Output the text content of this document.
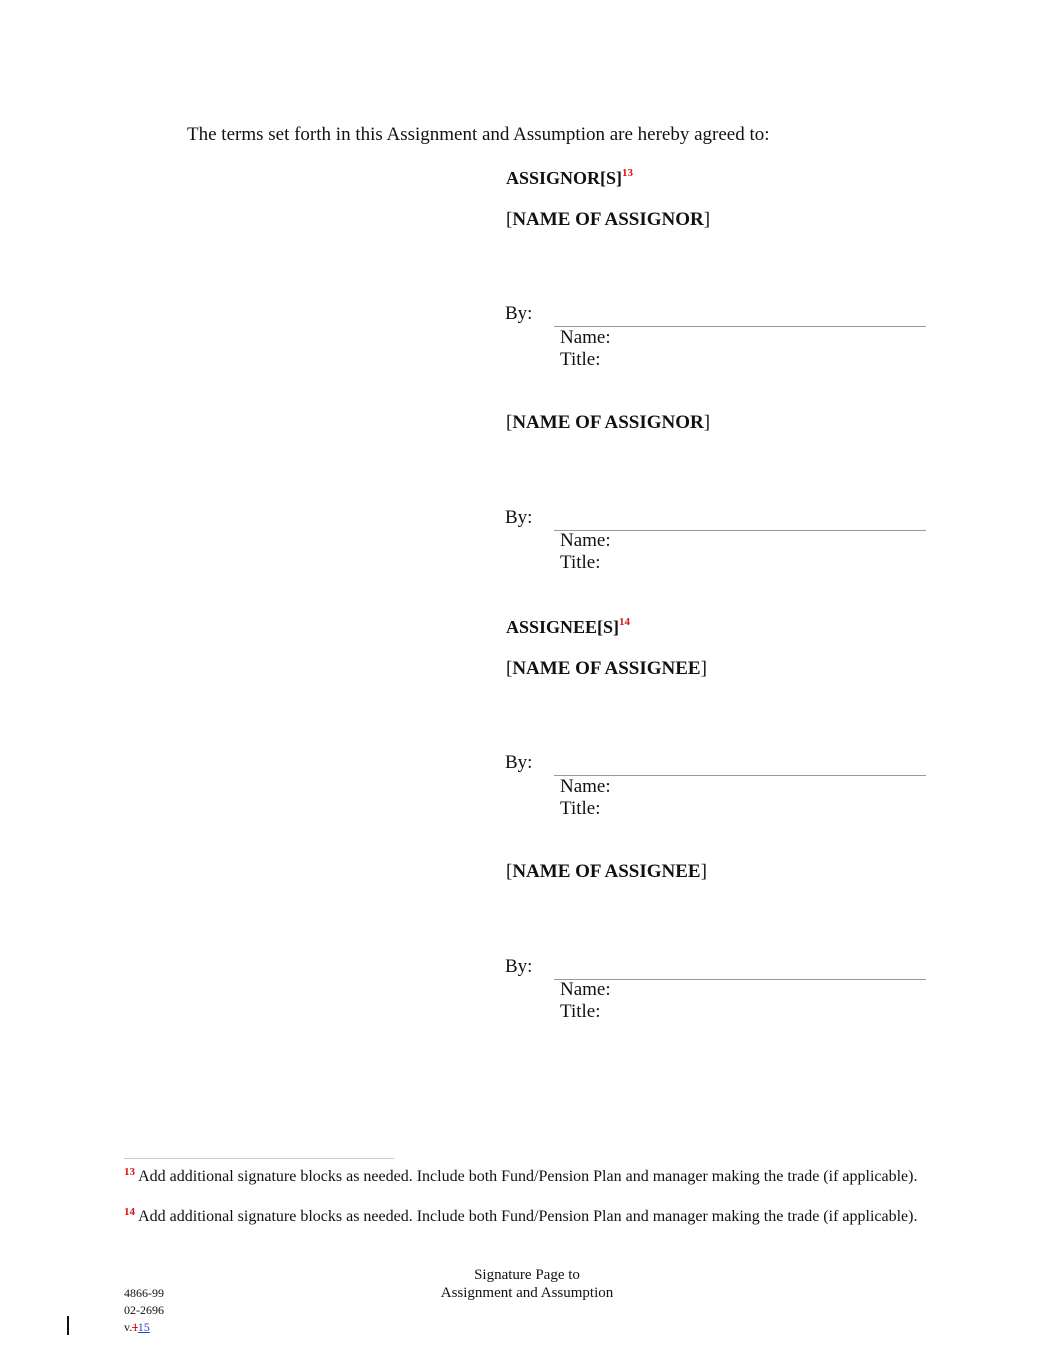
The terms set forth in this Assignment and Assumption are hereby agreed to:
ASSIGNOR[S]$^{13}$
[NAME OF ASSIGNOR]
By:
Name:
Title:
[NAME OF ASSIGNOR]
By:
Name:
Title:
ASSIGNEE[S]$^{14}$
[NAME OF ASSIGNEE]
By:
Name:
Title:
[NAME OF ASSIGNEE]
By:
Name:
Title:
$^{13}$ Add additional signature blocks as needed. Include both Fund/Pension Plan and manager making the trade (if applicable).
$^{14}$ Add additional signature blocks as needed. Include both Fund/Pension Plan and manager making the trade (if applicable).
Signature Page to
Assignment and Assumption
4866-99
02-2696
v.115
